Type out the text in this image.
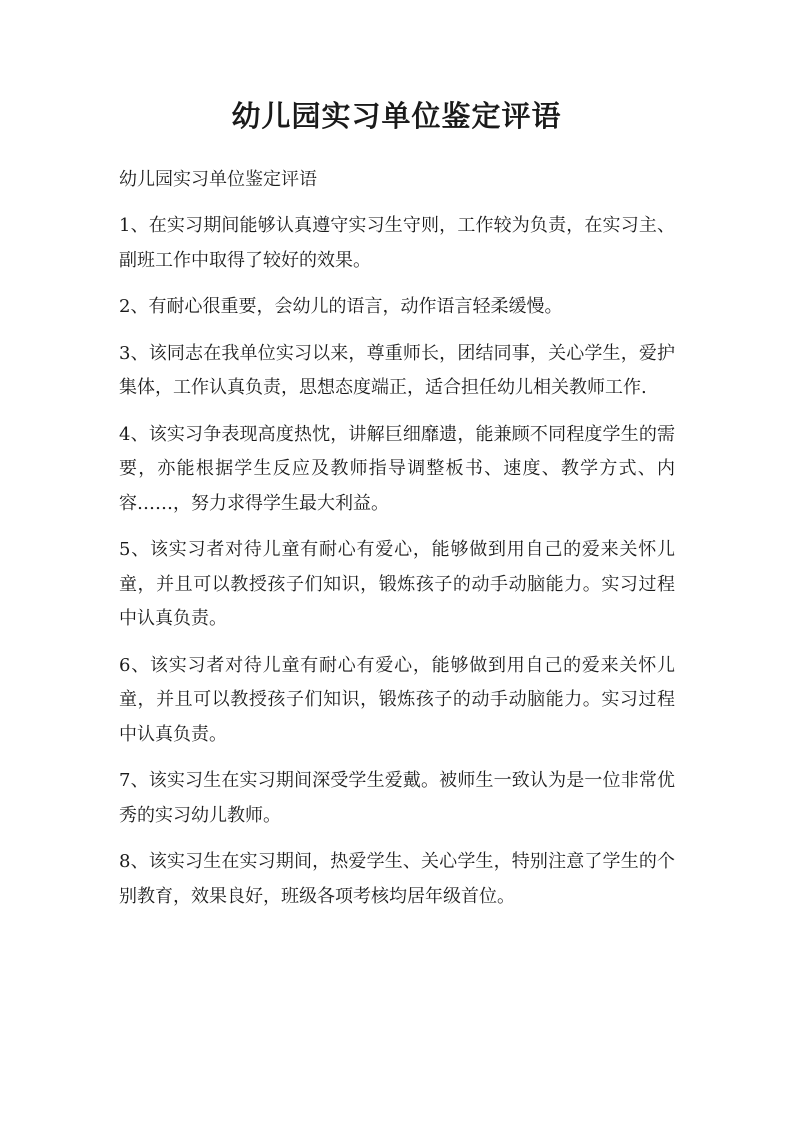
幼儿园实习单位鉴定评语

幼儿园实习单位鉴定评语

1、在实习期间能够认真遵守实习生守则，工作较为负责，在实习主、副班工作中取得了较好的效果。

2、有耐心很重要，会幼儿的语言，动作语言轻柔缓慢。

3、该同志在我单位实习以来，尊重师长，团结同事，关心学生，爱护集体，工作认真负责，思想态度端正，适合担任幼儿相关教师工作.

4、该实习争表现高度热忱，讲解巨细靡遗，能兼顾不同程度学生的需要，亦能根据学生反应及教师指导调整板书、速度、教学方式、内容……，努力求得学生最大利益。

5、该实习者对待儿童有耐心有爱心，能够做到用自己的爱来关怀儿童，并且可以教授孩子们知识，锻炼孩子的动手动脑能力。实习过程中认真负责。

6、该实习者对待儿童有耐心有爱心，能够做到用自己的爱来关怀儿童，并且可以教授孩子们知识，锻炼孩子的动手动脑能力。实习过程中认真负责。

7、该实习生在实习期间深受学生爱戴。被师生一致认为是一位非常优秀的实习幼儿教师。

8、该实习生在实习期间，热爱学生、关心学生，特别注意了学生的个别教育，效果良好，班级各项考核均居年级首位。
